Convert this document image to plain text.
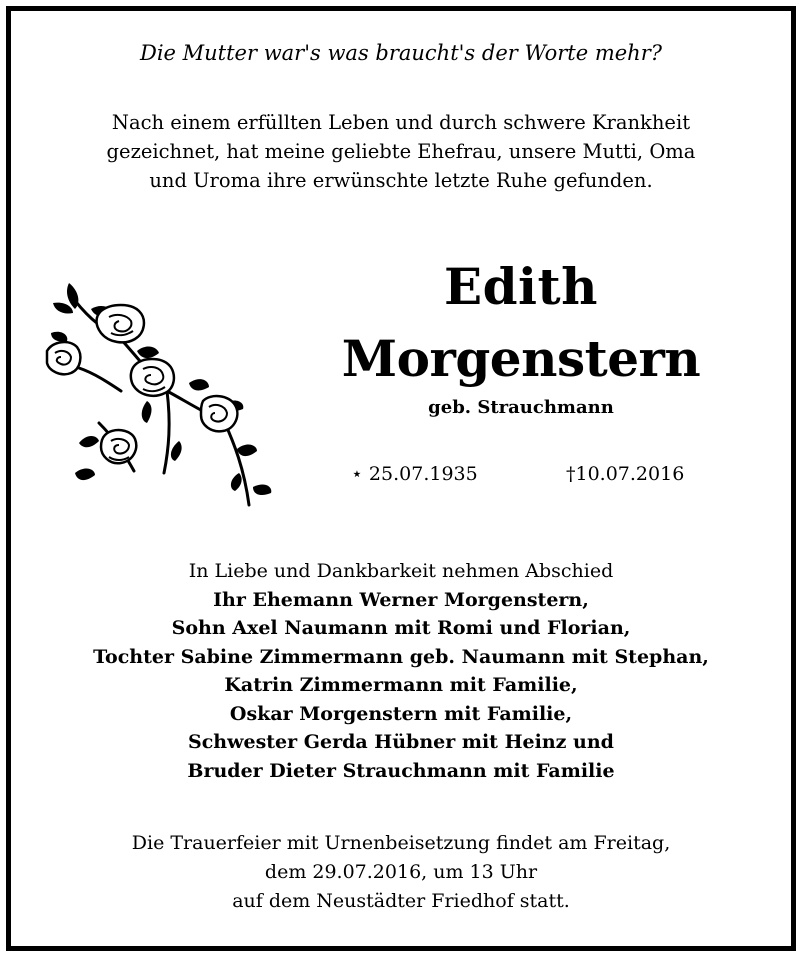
Die Mutter war's was braucht's der Worte mehr?
Nach einem erfüllten Leben und durch schwere Krankheit
gezeichnet, hat meine geliebte Ehefrau, unsere Mutti, Oma
und Uroma ihre erwünschte letzte Ruhe gefunden.
Edith
Morgenstern
geb. Strauchmann
⋆ 25.07.1935	†10.07.2016
In Liebe und Dankbarkeit nehmen Abschied
Ihr Ehemann Werner Morgenstern,
Sohn Axel Naumann mit Romi und Florian,
Tochter Sabine Zimmermann geb. Naumann mit Stephan,
Katrin Zimmermann mit Familie,
Oskar Morgenstern mit Familie,
Schwester Gerda Hübner mit Heinz und
Bruder Dieter Strauchmann mit Familie
Die Trauerfeier mit Urnenbeisetzung findet am Freitag,
dem 29.07.2016, um 13 Uhr
auf dem Neustädter Friedhof statt.
